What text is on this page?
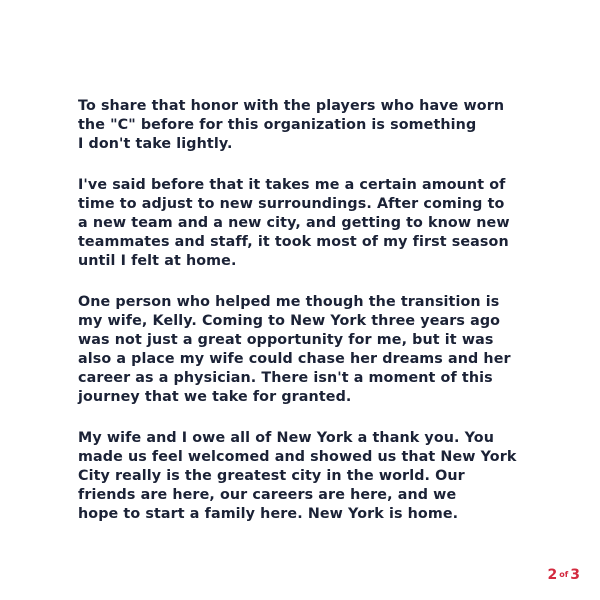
To share that honor with the players who have worn
the "C" before for this organization is something
I don't take lightly.
I've said before that it takes me a certain amount of
time to adjust to new surroundings. After coming to
a new team and a new city, and getting to know new
teammates and staff, it took most of my first season
until I felt at home.
One person who helped me though the transition is
my wife, Kelly. Coming to New York three years ago
was not just a great opportunity for me, but it was
also a place my wife could chase her dreams and her
career as a physician. There isn't a moment of this
journey that we take for granted.
My wife and I owe all of New York a thank you. You
made us feel welcomed and showed us that New York
City really is the greatest city in the world. Our
friends are here, our careers are here, and we
hope to start a family here. New York is home.
2 of 3
